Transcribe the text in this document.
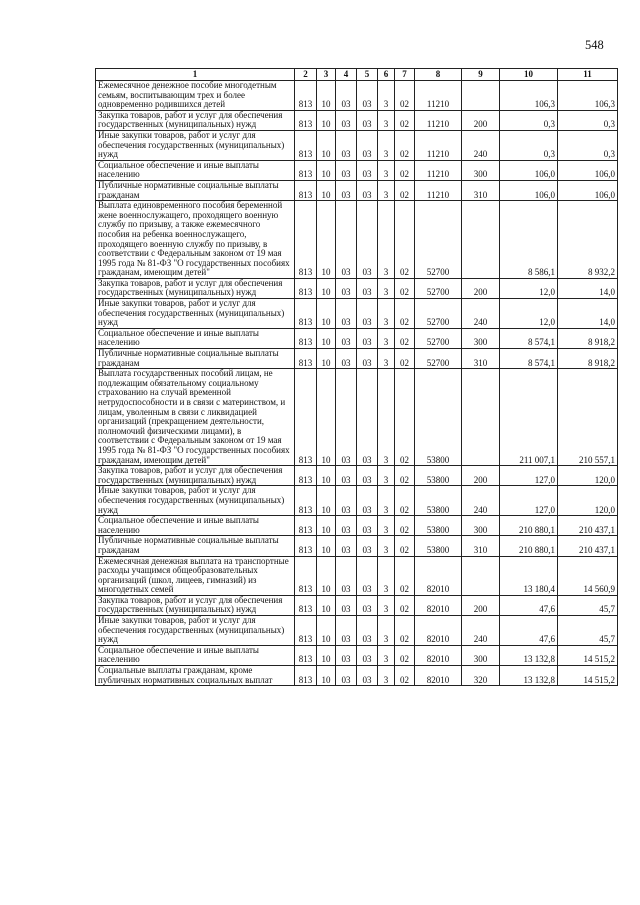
548
1	2	3	4	5	6	7	8	9	10	11
Ежемесячное денежное пособие многодетным семьям, воспитывающим трех и более одновременно родившихся детей	813	10	03	03	3	02	11210		106,3	106,3
Закупка товаров, работ и услуг для обеспечения государственных (муниципальных) нужд	813	10	03	03	3	02	11210	200	0,3	0,3
Иные закупки товаров, работ и услуг для обеспечения государственных (муниципальных) нужд	813	10	03	03	3	02	11210	240	0,3	0,3
Социальное обеспечение и иные выплаты населению	813	10	03	03	3	02	11210	300	106,0	106,0
Публичные нормативные социальные выплаты гражданам	813	10	03	03	3	02	11210	310	106,0	106,0
Выплата единовременного пособия беременной жене военнослужащего, проходящего военную службу по призыву, а также ежемесячного пособия на ребенка военнослужащего, проходящего военную службу по призыву, в соответствии с Федеральным законом от 19 мая 1995 года № 81-ФЗ "О государственных пособиях гражданам, имеющим детей"	813	10	03	03	3	02	52700		8 586,1	8 932,2
Закупка товаров, работ и услуг для обеспечения государственных (муниципальных) нужд	813	10	03	03	3	02	52700	200	12,0	14,0
Иные закупки товаров, работ и услуг для обеспечения государственных (муниципальных) нужд	813	10	03	03	3	02	52700	240	12,0	14,0
Социальное обеспечение и иные выплаты населению	813	10	03	03	3	02	52700	300	8 574,1	8 918,2
Публичные нормативные социальные выплаты гражданам	813	10	03	03	3	02	52700	310	8 574,1	8 918,2
Выплата государственных пособий лицам, не подлежащим обязательному социальному страхованию на случай временной нетрудоспособности и в связи с материнством, и лицам, уволенным в связи с ликвидацией организаций (прекращением деятельности, полномочий физическими лицами), в соответствии с Федеральным законом от 19 мая 1995 года № 81-ФЗ "О государственных пособиях гражданам, имеющим детей"	813	10	03	03	3	02	53800		211 007,1	210 557,1
Закупка товаров, работ и услуг для обеспечения государственных (муниципальных) нужд	813	10	03	03	3	02	53800	200	127,0	120,0
Иные закупки товаров, работ и услуг для обеспечения государственных (муниципальных) нужд	813	10	03	03	3	02	53800	240	127,0	120,0
Социальное обеспечение и иные выплаты населению	813	10	03	03	3	02	53800	300	210 880,1	210 437,1
Публичные нормативные социальные выплаты гражданам	813	10	03	03	3	02	53800	310	210 880,1	210 437,1
Ежемесячная денежная выплата на транспортные расходы учащимся общеобразовательных организаций (школ, лицеев, гимназий) из многодетных семей	813	10	03	03	3	02	82010		13 180,4	14 560,9
Закупка товаров, работ и услуг для обеспечения государственных (муниципальных) нужд	813	10	03	03	3	02	82010	200	47,6	45,7
Иные закупки товаров, работ и услуг для обеспечения государственных (муниципальных) нужд	813	10	03	03	3	02	82010	240	47,6	45,7
Социальное обеспечение и иные выплаты населению	813	10	03	03	3	02	82010	300	13 132,8	14 515,2
Социальные выплаты гражданам, кроме публичных нормативных социальных выплат	813	10	03	03	3	02	82010	320	13 132,8	14 515,2
